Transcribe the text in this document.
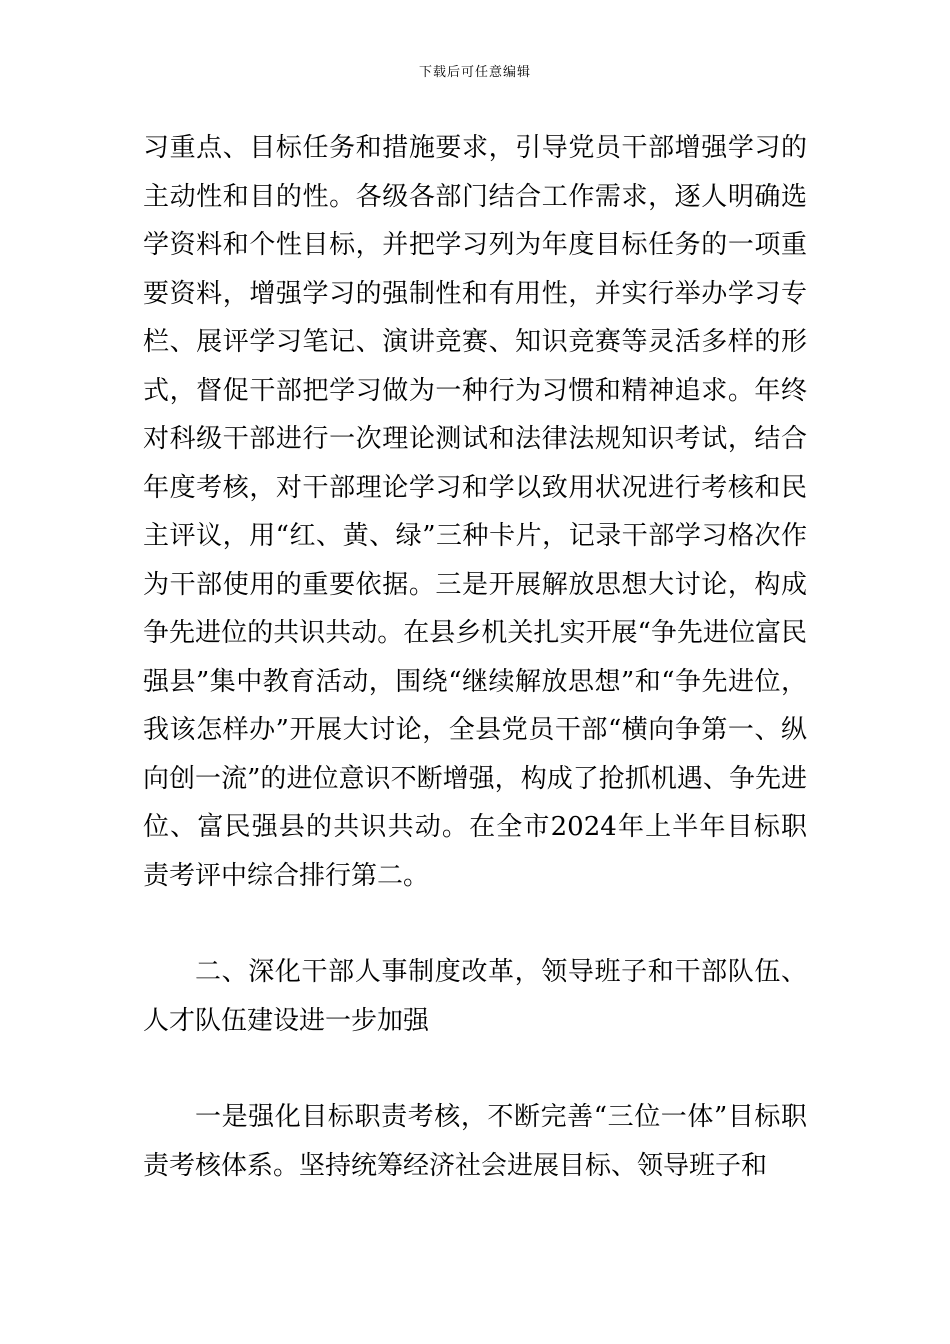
下载后可任意编辑

习重点、目标任务和措施要求，引导党员干部增强学习的主动性和目的性。各级各部门结合工作需求，逐人明确选学资料和个性目标，并把学习列为年度目标任务的一项重要资料，增强学习的强制性和有用性，并实行举办学习专栏、展评学习笔记、演讲竞赛、知识竞赛等灵活多样的形式，督促干部把学习做为一种行为习惯和精神追求。年终对科级干部进行一次理论测试和法律法规知识考试，结合年度考核，对干部理论学习和学以致用状况进行考核和民主评议，用“红、黄、绿”三种卡片，记录干部学习格次作为干部使用的重要依据。三是开展解放思想大讨论，构成争先进位的共识共动。在县乡机关扎实开展“争先进位富民强县”集中教育活动，围绕“继续解放思想”和“争先进位，我该怎样办”开展大讨论，全县党员干部“横向争第一、纵向创一流”的进位意识不断增强，构成了抢抓机遇、争先进位、富民强县的共识共动。在全市2024年上半年目标职责考评中综合排行第二。

二、深化干部人事制度改革，领导班子和干部队伍、人才队伍建设进一步加强

一是强化目标职责考核，不断完善“三位一体”目标职责考核体系。坚持统筹经济社会进展目标、领导班子和
